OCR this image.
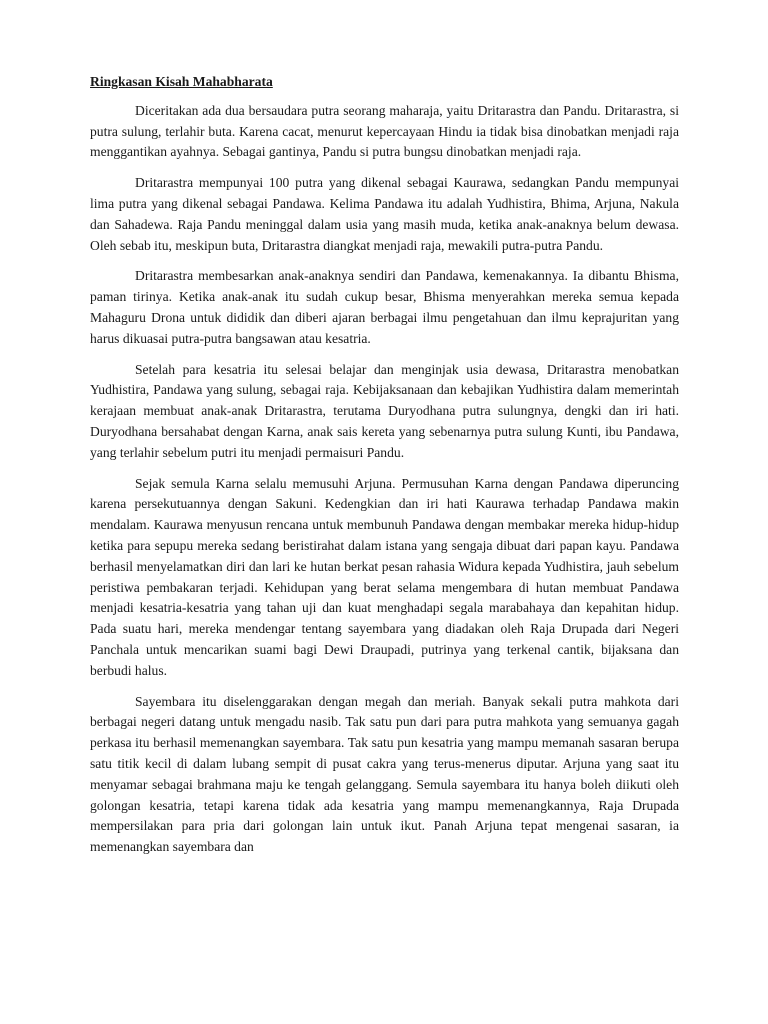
Ringkasan Kisah Mahabharata

Diceritakan ada dua bersaudara putra seorang maharaja, yaitu Dritarastra dan Pandu. Dritarastra, si putra sulung, terlahir buta. Karena cacat, menurut kepercayaan Hindu ia tidak bisa dinobatkan menjadi raja menggantikan ayahnya. Sebagai gantinya, Pandu si putra bungsu dinobatkan menjadi raja.

Dritarastra mempunyai 100 putra yang dikenal sebagai Kaurawa, sedangkan Pandu mempunyai lima putra yang dikenal sebagai Pandawa. Kelima Pandawa itu adalah Yudhistira, Bhima, Arjuna, Nakula dan Sahadewa. Raja Pandu meninggal dalam usia yang masih muda, ketika anak-anaknya belum dewasa. Oleh sebab itu, meskipun buta, Dritarastra diangkat menjadi raja, mewakili putra-putra Pandu.

Dritarastra membesarkan anak-anaknya sendiri dan Pandawa, kemenakannya. Ia dibantu Bhisma, paman tirinya. Ketika anak-anak itu sudah cukup besar, Bhisma menyerahkan mereka semua kepada Mahaguru Drona untuk dididik dan diberi ajaran berbagai ilmu pengetahuan dan ilmu keprajuritan yang harus dikuasai putra-putra bangsawan atau kesatria.

Setelah para kesatria itu selesai belajar dan menginjak usia dewasa, Dritarastra menobatkan Yudhistira, Pandawa yang sulung, sebagai raja. Kebijaksanaan dan kebajikan Yudhistira dalam memerintah kerajaan membuat anak-anak Dritarastra, terutama Duryodhana putra sulungnya, dengki dan iri hati. Duryodhana bersahabat dengan Karna, anak sais kereta yang sebenarnya putra sulung Kunti, ibu Pandawa, yang terlahir sebelum putri itu menjadi permaisuri Pandu.

Sejak semula Karna selalu memusuhi Arjuna. Permusuhan Karna dengan Pandawa diperuncing karena persekutuannya dengan Sakuni. Kedengkian dan iri hati Kaurawa terhadap Pandawa makin mendalam. Kaurawa menyusun rencana untuk membunuh Pandawa dengan membakar mereka hidup-hidup ketika para sepupu mereka sedang beristirahat dalam istana yang sengaja dibuat dari papan kayu. Pandawa berhasil menyelamatkan diri dan lari ke hutan berkat pesan rahasia Widura kepada Yudhistira, jauh sebelum peristiwa pembakaran terjadi. Kehidupan yang berat selama mengembara di hutan membuat Pandawa menjadi kesatria-kesatria yang tahan uji dan kuat menghadapi segala marabahaya dan kepahitan hidup. Pada suatu hari, mereka mendengar tentang sayembara yang diadakan oleh Raja Drupada dari Negeri Panchala untuk mencarikan suami bagi Dewi Draupadi, putrinya yang terkenal cantik, bijaksana dan berbudi halus.

Sayembara itu diselenggarakan dengan megah dan meriah. Banyak sekali putra mahkota dari berbagai negeri datang untuk mengadu nasib. Tak satu pun dari para putra mahkota yang semuanya gagah perkasa itu berhasil memenangkan sayembara. Tak satu pun kesatria yang mampu memanah sasaran berupa satu titik kecil di dalam lubang sempit di pusat cakra yang terus-menerus diputar. Arjuna yang saat itu menyamar sebagai brahmana maju ke tengah gelanggang. Semula sayembara itu hanya boleh diikuti oleh golongan kesatria, tetapi karena tidak ada kesatria yang mampu memenangkannya, Raja Drupada mempersilakan para pria dari golongan lain untuk ikut. Panah Arjuna tepat mengenai sasaran, ia memenangkan sayembara dan
